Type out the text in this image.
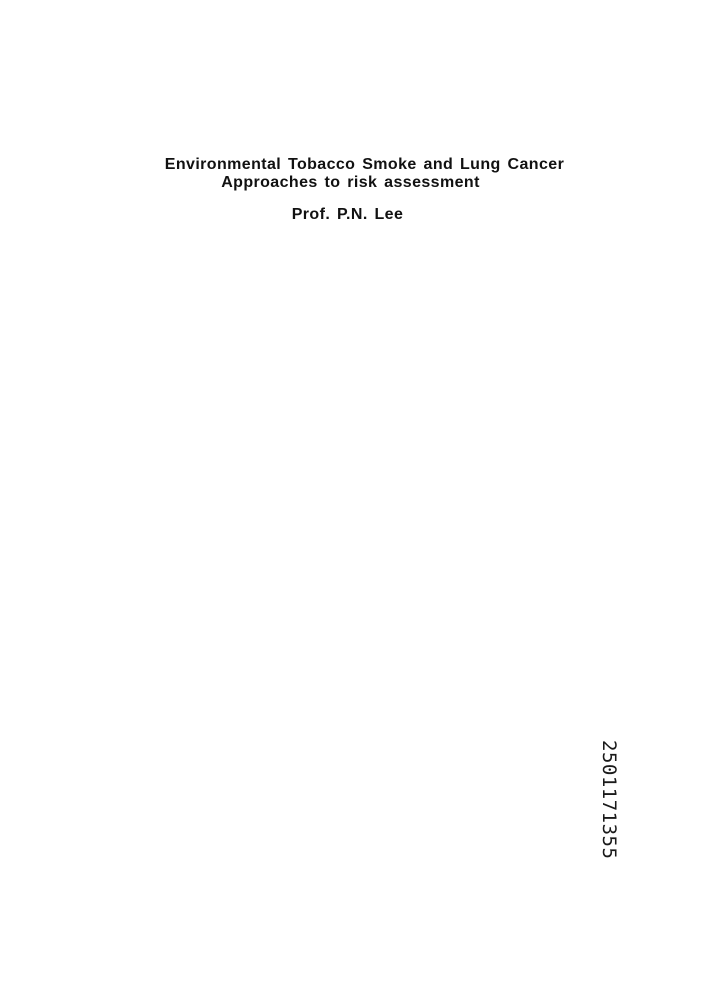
Environmental Tobacco Smoke and Lung Cancer
Approaches to risk assessment
Prof. P.N. Lee
2501171355
